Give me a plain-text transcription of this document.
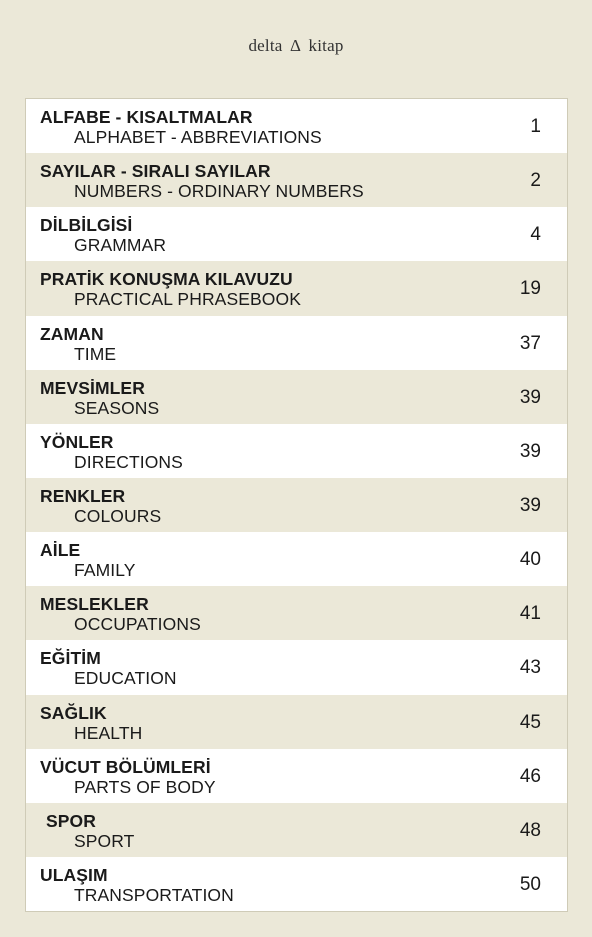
delta Δ kitap
ALFABE - KISALTMALAR
ALPHABET - ABBREVIATIONS	1
SAYILAR - SIRALI SAYILAR
NUMBERS - ORDINARY NUMBERS	2
DİLBİLGİSİ
GRAMMAR	4
PRATİK KONUŞMA KILAVUZU
PRACTICAL PHRASEBOOK	19
ZAMAN
TIME	37
MEVSİMLER
SEASONS	39
YÖNLER
DIRECTIONS	39
RENKLER
COLOURS	39
AİLE
FAMILY	40
MESLEKLER
OCCUPATIONS	41
EĞİTİM
EDUCATION	43
SAĞLIK
HEALTH	45
VÜCUT BÖLÜMLERİ
PARTS OF BODY	46
SPOR
SPORT	48
ULAŞIM
TRANSPORTATION	50
